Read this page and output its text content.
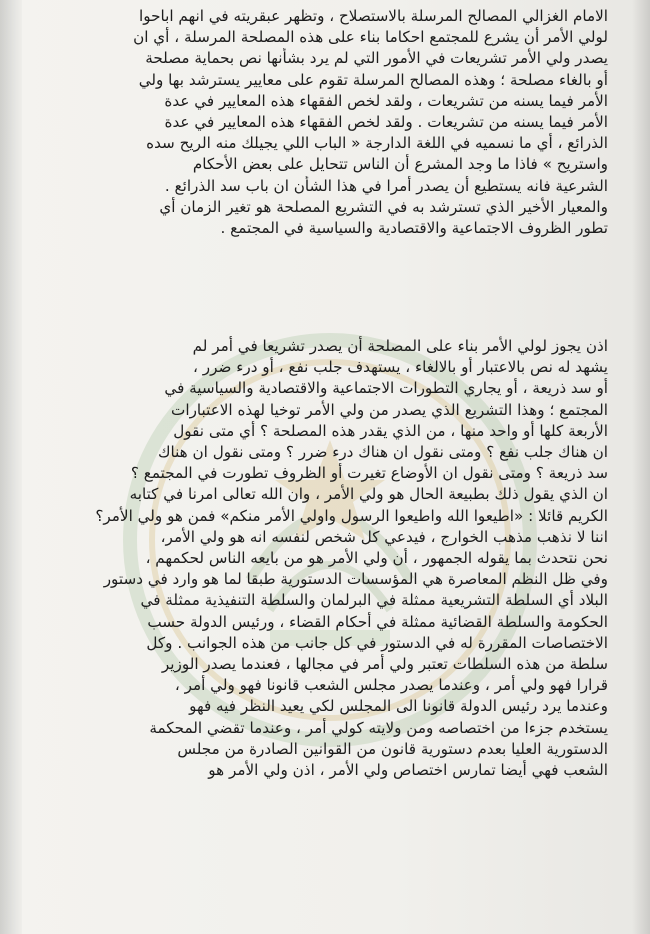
الامام الغزالي المصالح المرسلة بالاستصلاح ، وتظهر عبقريته في انهم اباحوا
لولي الأمر أن يشرع للمجتمع احكاما بناء على هذه المصلحة المرسلة ، أي ان
يصدر ولي الأمر تشريعات في الأمور التي لم يرد بشأنها نص بحماية مصلحة
أو بالغاء مصلحة ؛ وهذه المصالح المرسلة تقوم على معايير يسترشد بها ولي
الأمر فيما يسنه من تشريعات ، ولقد لخص الفقهاء هذه المعايير في عدة
الأمر فيما يسنه من تشريعات . ولقد لخص الفقهاء هذه المعايير في عدة
الذرائع ، أي ما نسميه في اللغة الدارجة « الباب اللي يجيلك منه الريح سده
واستريح » فاذا ما وجد المشرع أن الناس تتحايل على بعض الأحكام
الشرعية فانه يستطيع أن يصدر أمرا في هذا الشأن ان باب سد الذرائع .
والمعيار الأخير الذي تسترشد به في التشريع المصلحة هو تغير الزمان أي
تطور الظروف الاجتماعية والاقتصادية والسياسية في المجتمع .
اذن يجوز لولي الأمر بناء على المصلحة أن يصدر تشريعا في أمر لم
يشهد له نص بالاعتبار أو بالالغاء ، يستهدف جلب نفع ، أو درء ضرر ،
أو سد ذريعة ، أو يجاري التطورات الاجتماعية والاقتصادية والسياسية في
المجتمع ؛ وهذا التشريع الذي يصدر من ولي الأمر توخيا لهذه الاعتبارات
الأربعة كلها أو واحد منها ، من الذي يقدر هذه المصلحة ؟ أي متى نقول
ان هناك جلب نفع ؟ ومتى نقول ان هناك درء ضرر ؟ ومتى نقول ان هناك
سد ذريعة ؟ ومتى نقول ان الأوضاع تغيرت أو الظروف تطورت في المجتمع ؟
ان الذي يقول ذلك بطبيعة الحال هو ولي الأمر ، وان الله تعالى امرنا في كتابه
الكريم قائلا : «اطيعوا الله واطيعوا الرسول واولي الأمر منكم» فمن هو ولي الأمر؟
اننا لا نذهب مذهب الخوارج ، فيدعي كل شخص لنفسه انه هو ولي الأمر،
نحن نتحدث بما يقوله الجمهور ، أن ولي الأمر هو من بايعه الناس لحكمهم ،
وفي ظل النظم المعاصرة هي المؤسسات الدستورية طبقا لما هو وارد في دستور
البلاد أي السلطة التشريعية ممثلة في البرلمان والسلطة التنفيذية ممثلة في
الحكومة والسلطة القضائية ممثلة في أحكام القضاء ، ورئيس الدولة حسب
الاختصاصات المقررة له في الدستور في كل جانب من هذه الجوانب . وكل
سلطة من هذه السلطات تعتبر ولي أمر في مجالها ، فعندما يصدر الوزير
قرارا فهو ولي أمر ، وعندما يصدر مجلس الشعب قانونا فهو ولي أمر ،
وعندما يرد رئيس الدولة قانونا الى المجلس لكي يعيد النظر فيه فهو
يستخدم جزءا من اختصاصه ومن ولايته كولي أمر ، وعندما تقضي المحكمة
الدستورية العليا بعدم دستورية قانون من القوانين الصادرة من مجلس
الشعب فهي أيضا تمارس اختصاص ولي الأمر ، اذن ولي الأمر هو
